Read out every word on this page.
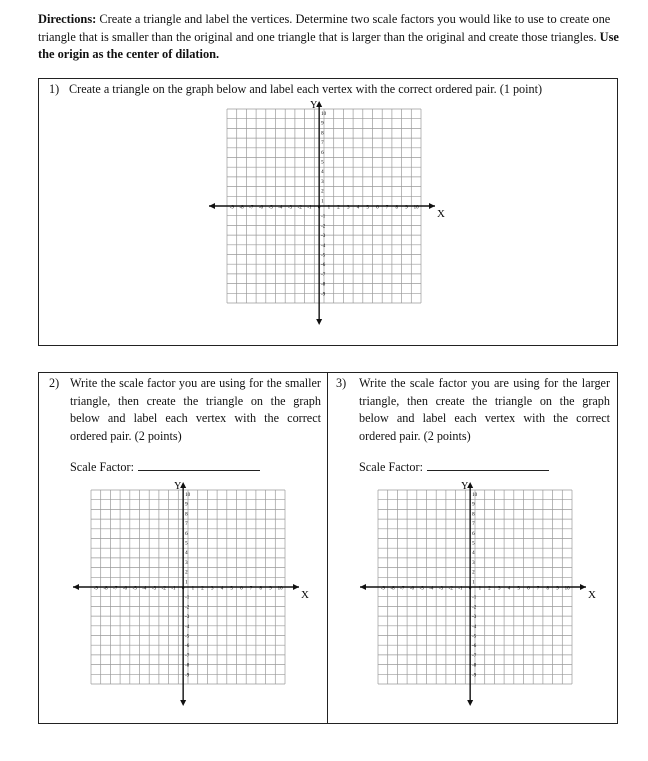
Directions: Create a triangle and label the vertices. Determine two scale factors you would like to use to create one triangle that is smaller than the original and one triangle that is larger than the original and create those triangles. Use the origin as the center of dilation.
1) Create a triangle on the graph below and label each vertex with the correct ordered pair. (1 point)
X
Y
-9 -8 -7 -6 -5 -4 -3 -2 -1 0 1 2 3 4 5 6 7 8 9 10
10
9
8
7
6
5
4
3
2
1
-1
-2
-3
-4
-5
-6
-7
-8
-9
2) Write the scale factor you are using for the smaller triangle, then create the triangle on the graph below and label each vertex with the correct ordered pair. (2 points)
Scale Factor:
X
Y
-9 -8 -7 -6 -5 -4 -3 -2 -1 0 1 2 3 4 5 6 7 8 9 10
10
9
8
7
6
5
4
3
2
1
-1
-2
-3
-4
-5
-6
-7
-8
-9
3) Write the scale factor you are using for the larger triangle, then create the triangle on the graph below and label each vertex with the correct ordered pair. (2 points)
Scale Factor:
X
Y
-9 -8 -7 -6 -5 -4 -3 -2 -1 0 1 2 3 4 5 6 7 8 9 10
10
9
8
7
6
5
4
3
2
1
-1
-2
-3
-4
-5
-6
-7
-8
-9
